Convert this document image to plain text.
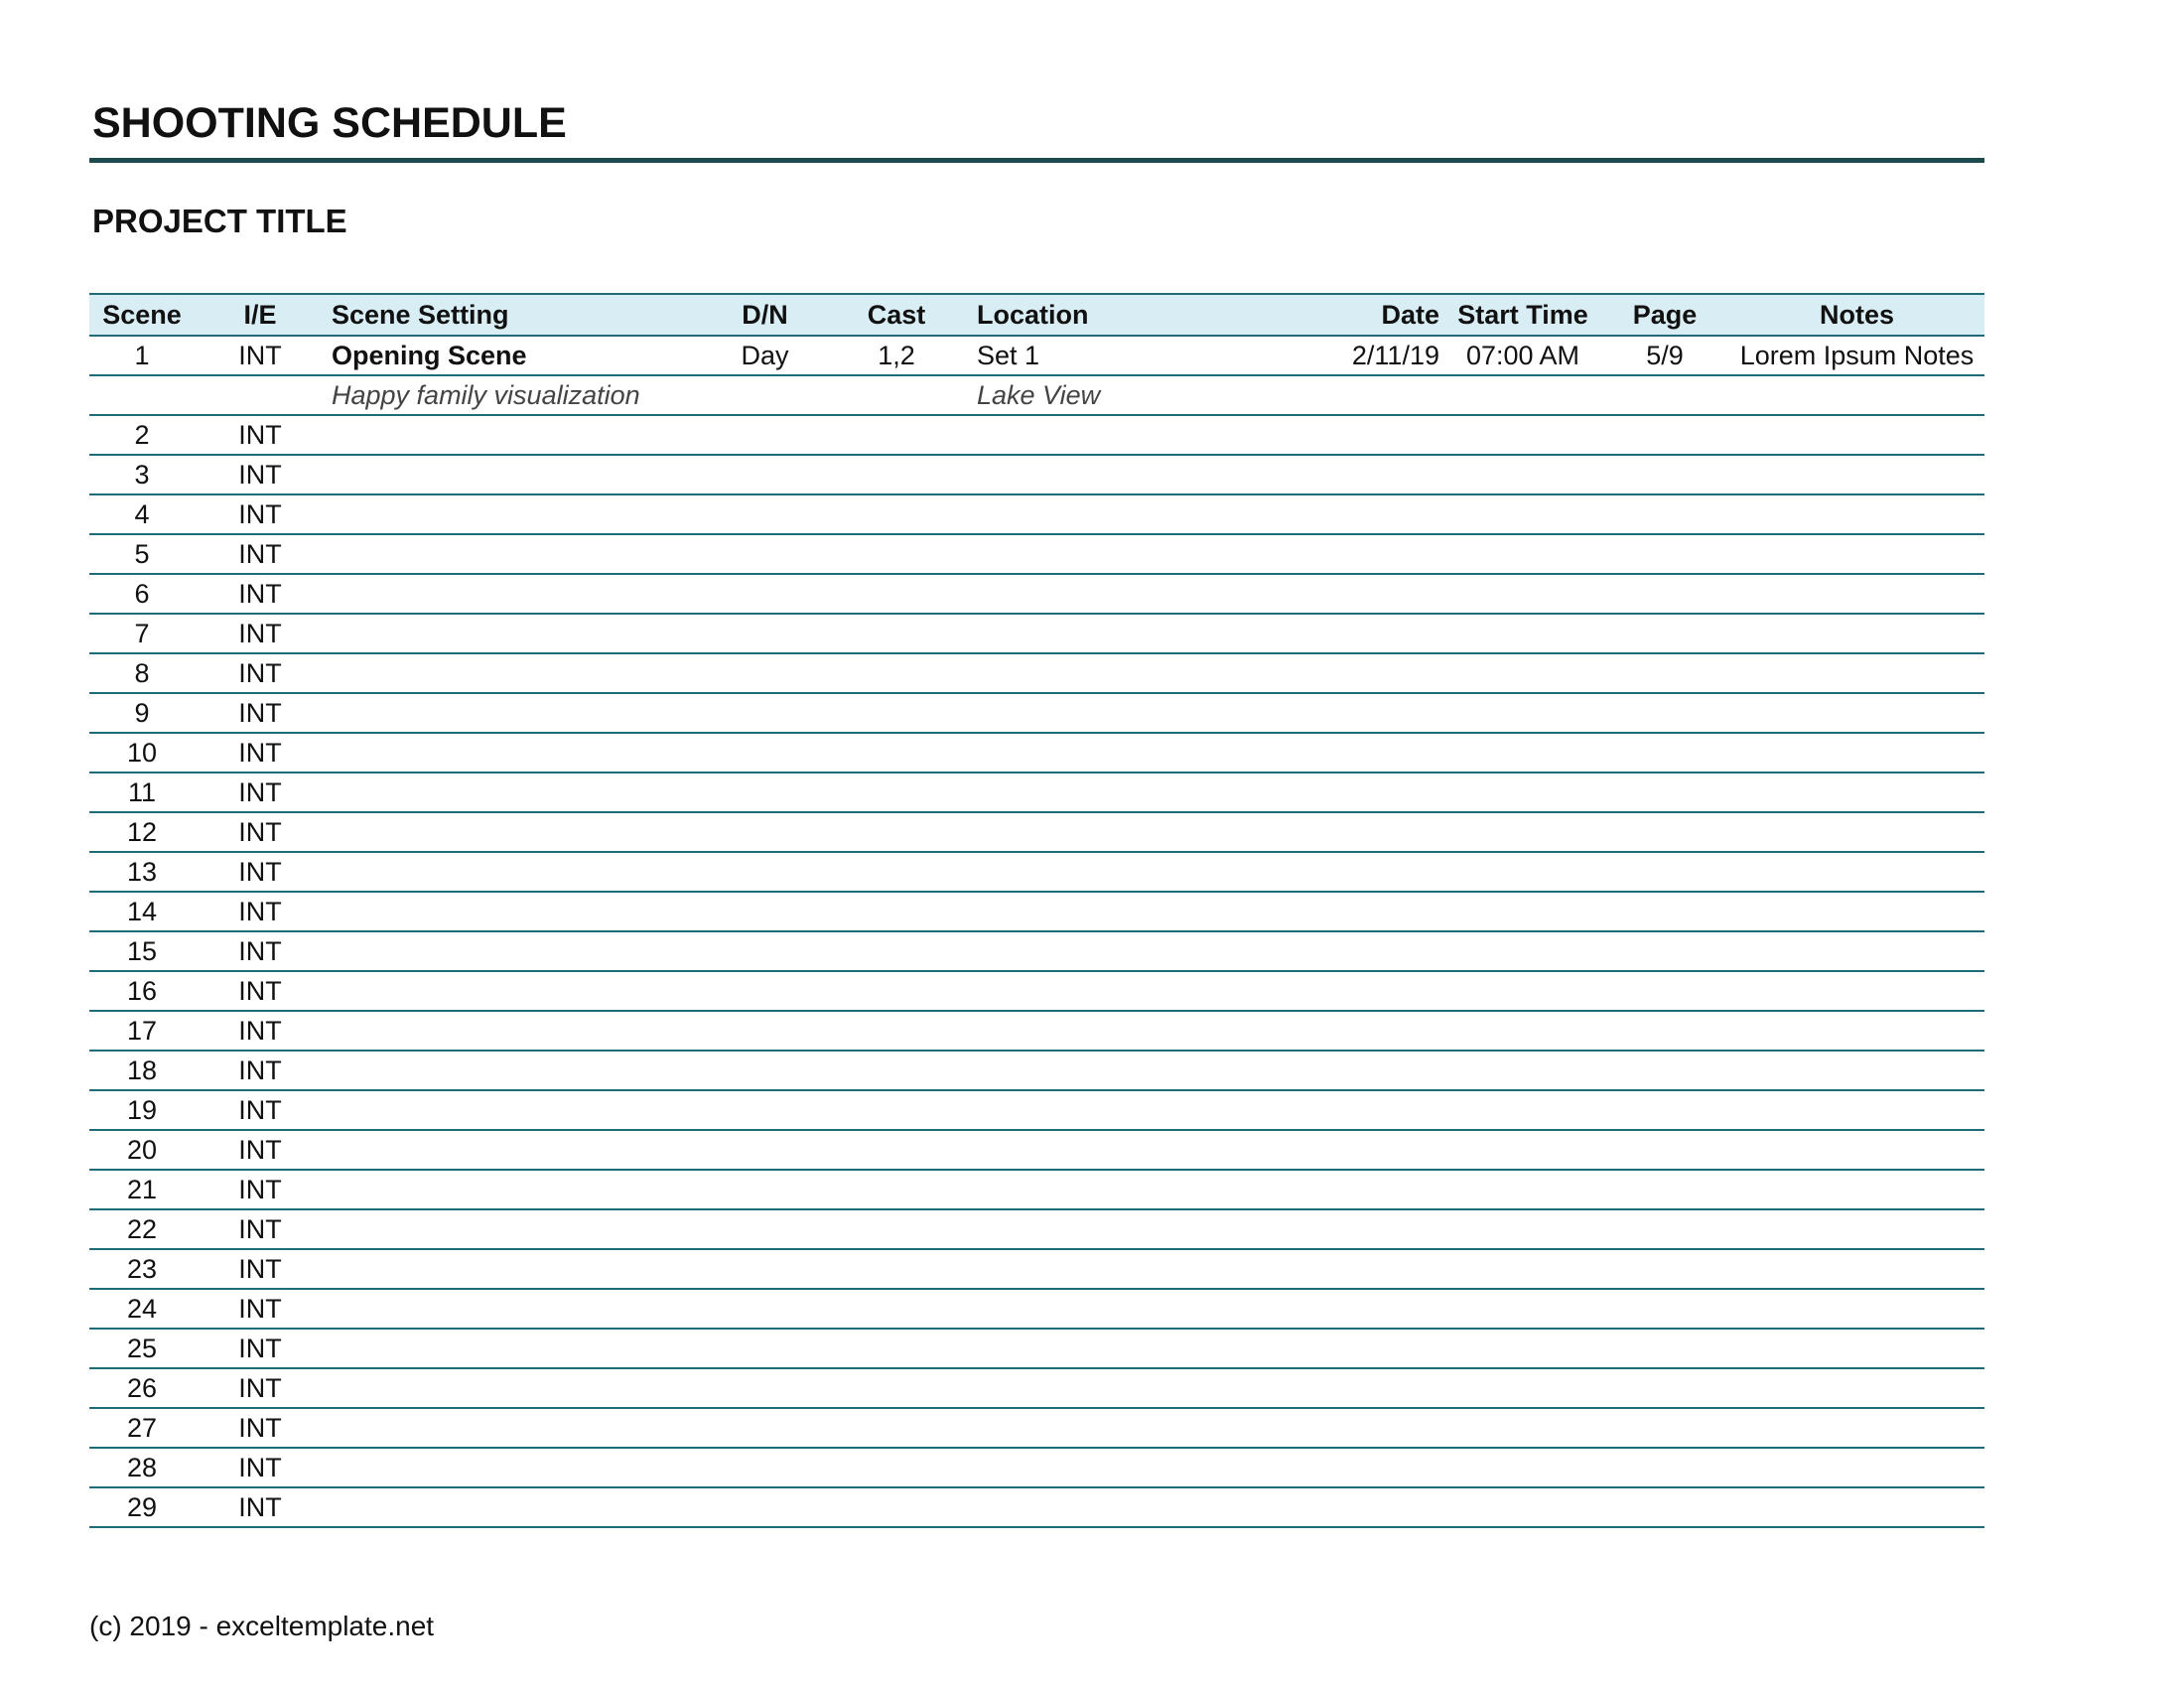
SHOOTING SCHEDULE
PROJECT TITLE
Scene	I/E	Scene Setting	D/N	Cast	Location	Date	Start Time	Page	Notes
1	INT	Opening Scene	Day	1,2	Set 1	2/11/19	07:00 AM	5/9	Lorem Ipsum Notes
		Happy family visualization			Lake View				
2	INT								
3	INT								
4	INT								
5	INT								
6	INT								
7	INT								
8	INT								
9	INT								
10	INT								
11	INT								
12	INT								
13	INT								
14	INT								
15	INT								
16	INT								
17	INT								
18	INT								
19	INT								
20	INT								
21	INT								
22	INT								
23	INT								
24	INT								
25	INT								
26	INT								
27	INT								
28	INT								
29	INT								
(c) 2019 - exceltemplate.net
